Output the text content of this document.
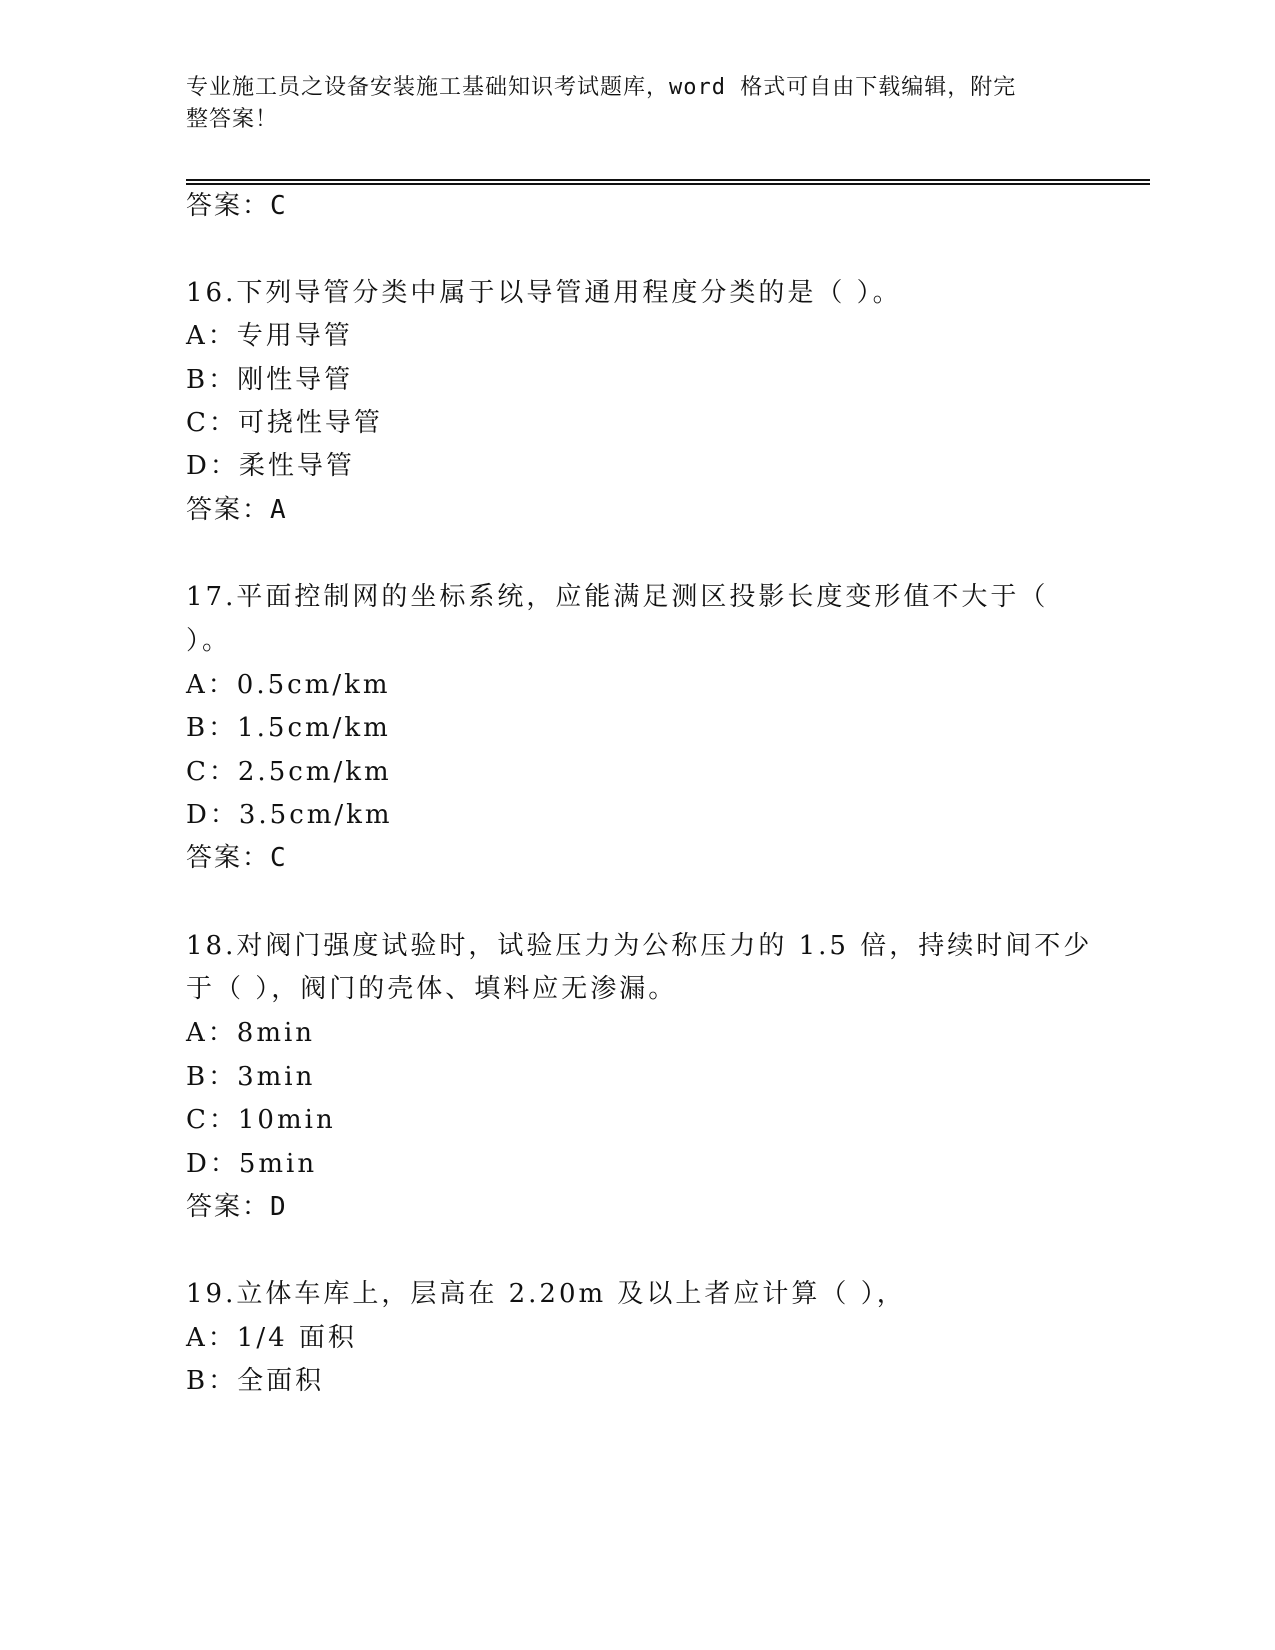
专业施工员之设备安装施工基础知识考试题库，word 格式可自由下载编辑，附完
整答案！
答案：C
16.下列导管分类中属于以导管通用程度分类的是（ ）。
A：专用导管
B：刚性导管
C：可挠性导管
D：柔性导管
答案：A
17.平面控制网的坐标系统，应能满足测区投影长度变形值不大于（
）。
A：0.5cm/km
B：1.5cm/km
C：2.5cm/km
D：3.5cm/km
答案：C
18.对阀门强度试验时，试验压力为公称压力的 1.5 倍，持续时间不少
于（ ），阀门的壳体、填料应无渗漏。
A：8min
B：3min
C：10min
D：5min
答案：D
19.立体车库上，层高在 2.20m 及以上者应计算（ ），
A：1/4 面积
B：全面积
